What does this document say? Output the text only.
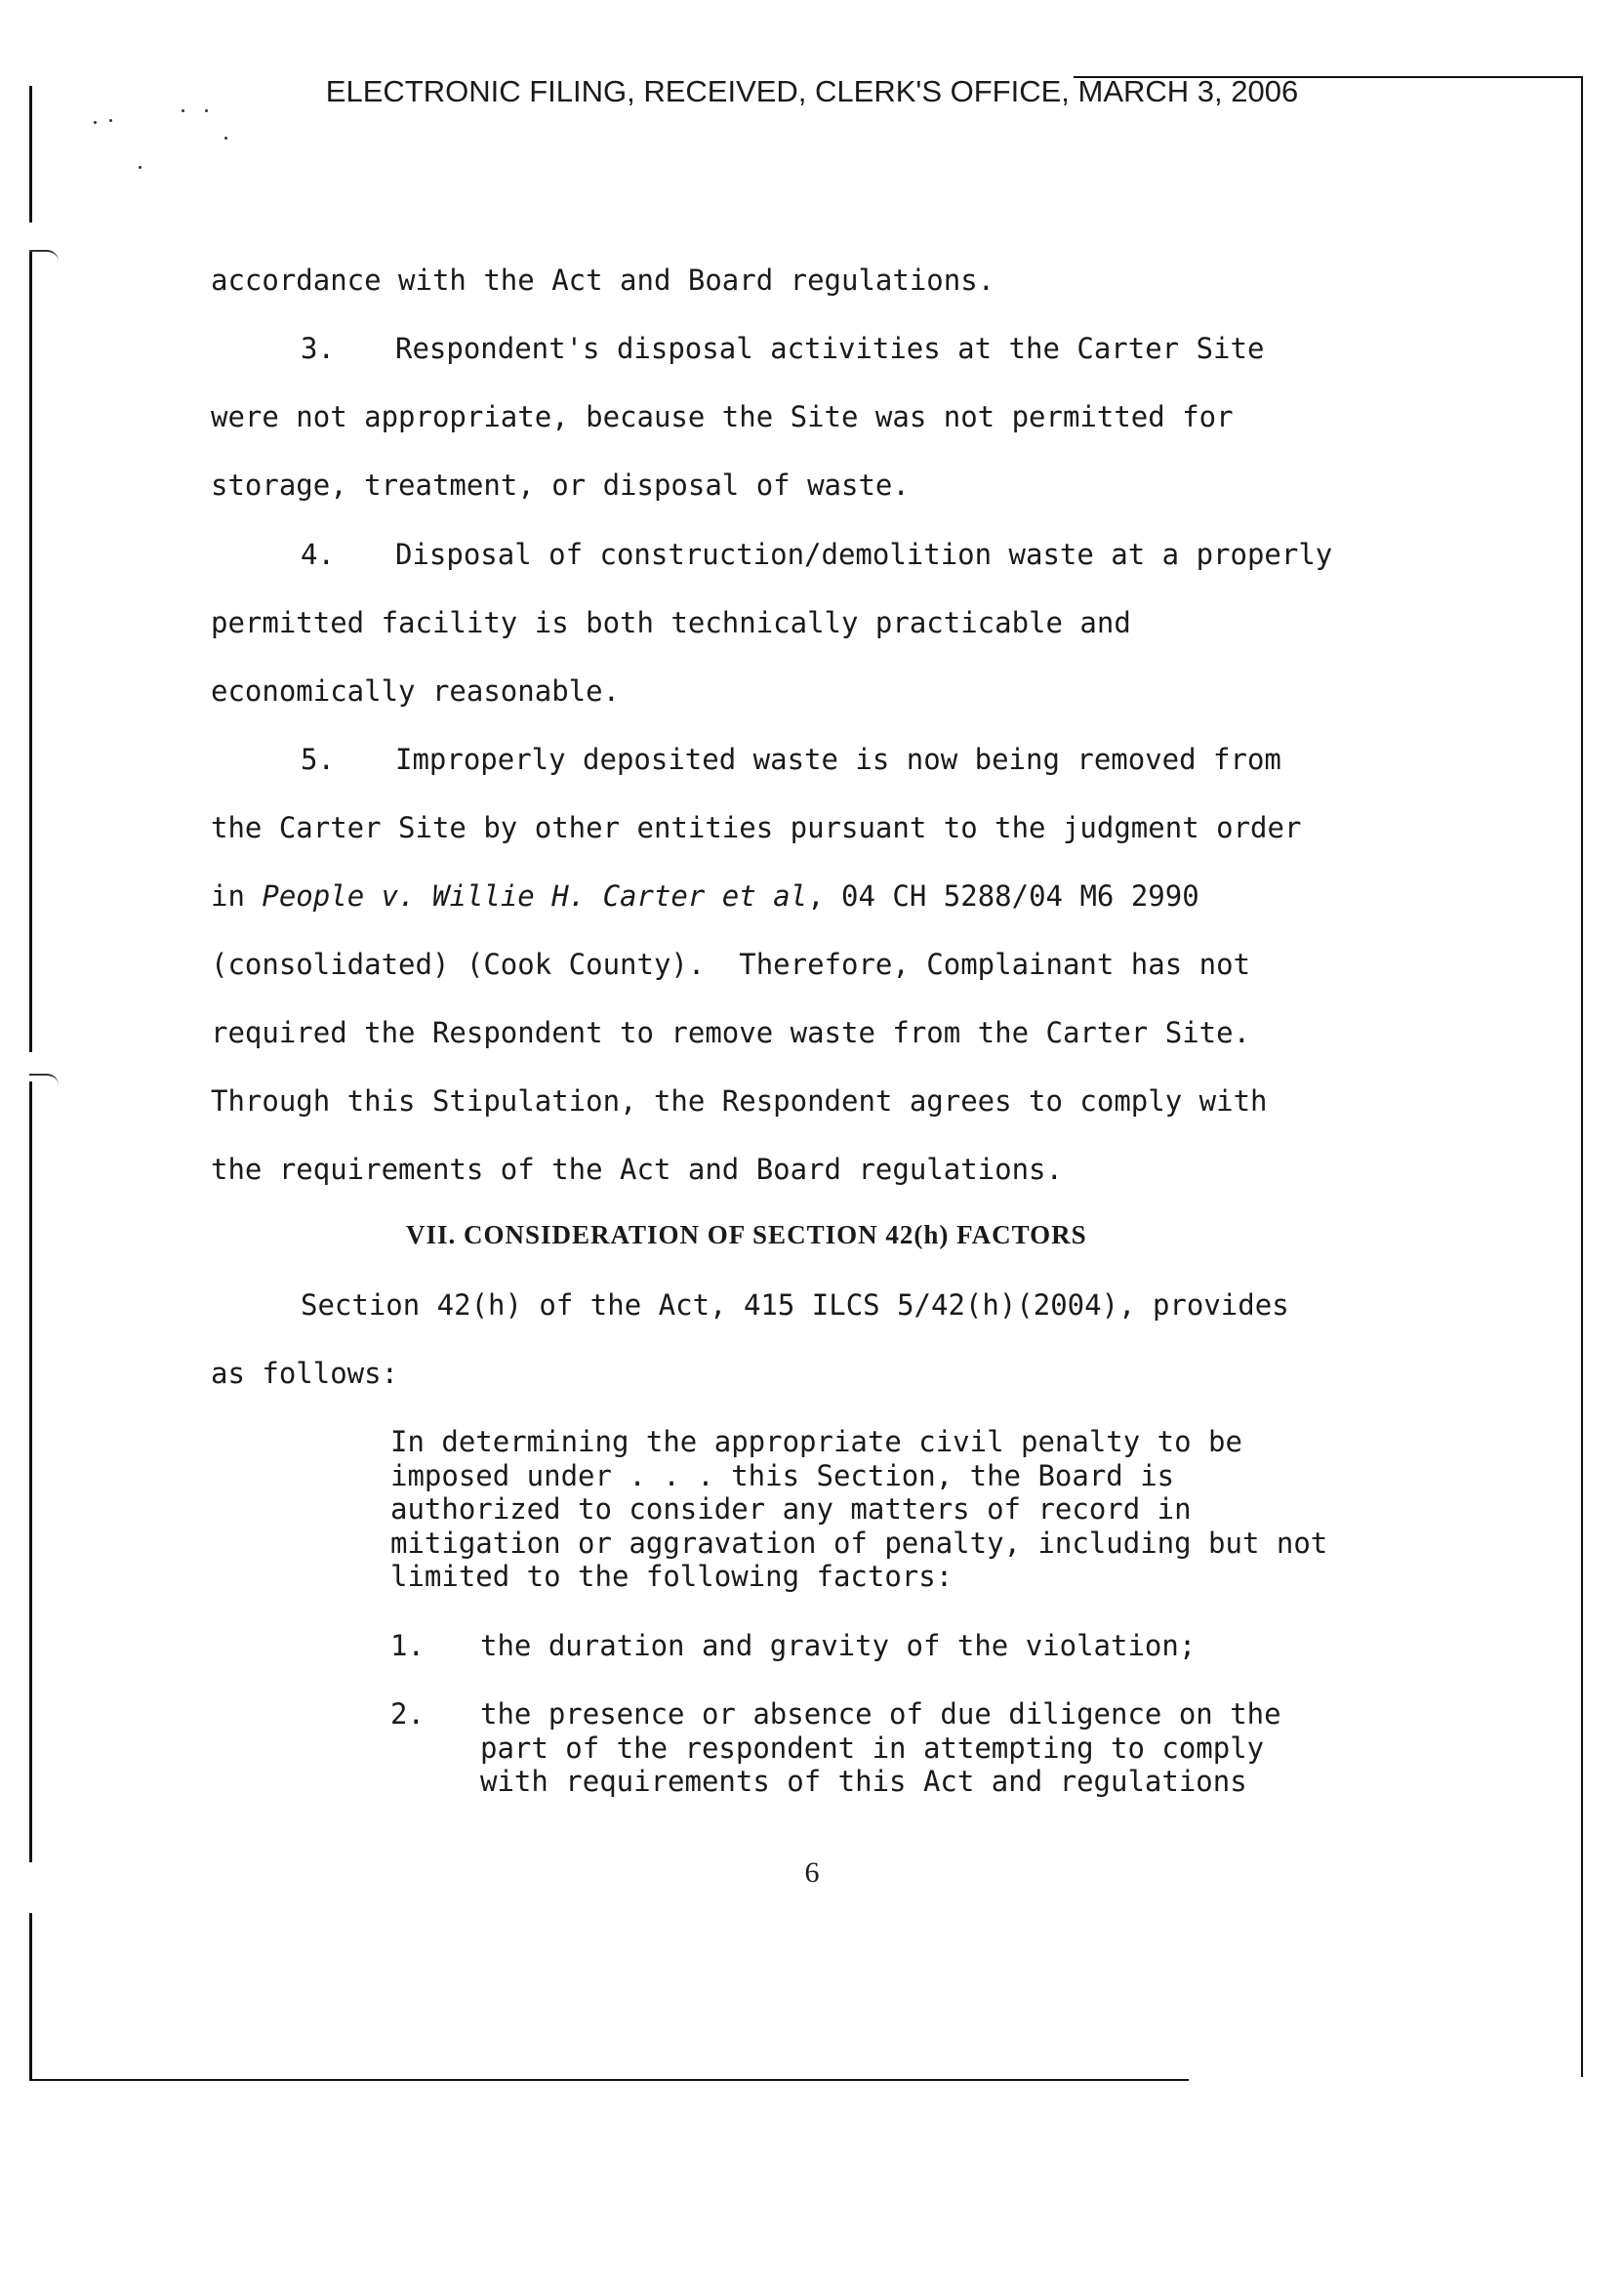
ELECTRONIC FILING, RECEIVED, CLERK'S OFFICE, MARCH 3, 2006
accordance with the Act and Board regulations.
3. Respondent's disposal activities at the Carter Site
were not appropriate, because the Site was not permitted for
storage, treatment, or disposal of waste.
4. Disposal of construction/demolition waste at a properly
permitted facility is both technically practicable and
economically reasonable.
5. Improperly deposited waste is now being removed from
the Carter Site by other entities pursuant to the judgment order
in People v. Willie H. Carter et al, 04 CH 5288/04 M6 2990
(consolidated) (Cook County).  Therefore, Complainant has not
required the Respondent to remove waste from the Carter Site.
Through this Stipulation, the Respondent agrees to comply with
the requirements of the Act and Board regulations.
VII. CONSIDERATION OF SECTION 42(h) FACTORS
Section 42(h) of the Act, 415 ILCS 5/42(h)(2004), provides
as follows:
In determining the appropriate civil penalty to be
imposed under . . . this Section, the Board is
authorized to consider any matters of record in
mitigation or aggravation of penalty, including but not
limited to the following factors:
1. the duration and gravity of the violation;
2. the presence or absence of due diligence on the
part of the respondent in attempting to comply
with requirements of this Act and regulations
6
